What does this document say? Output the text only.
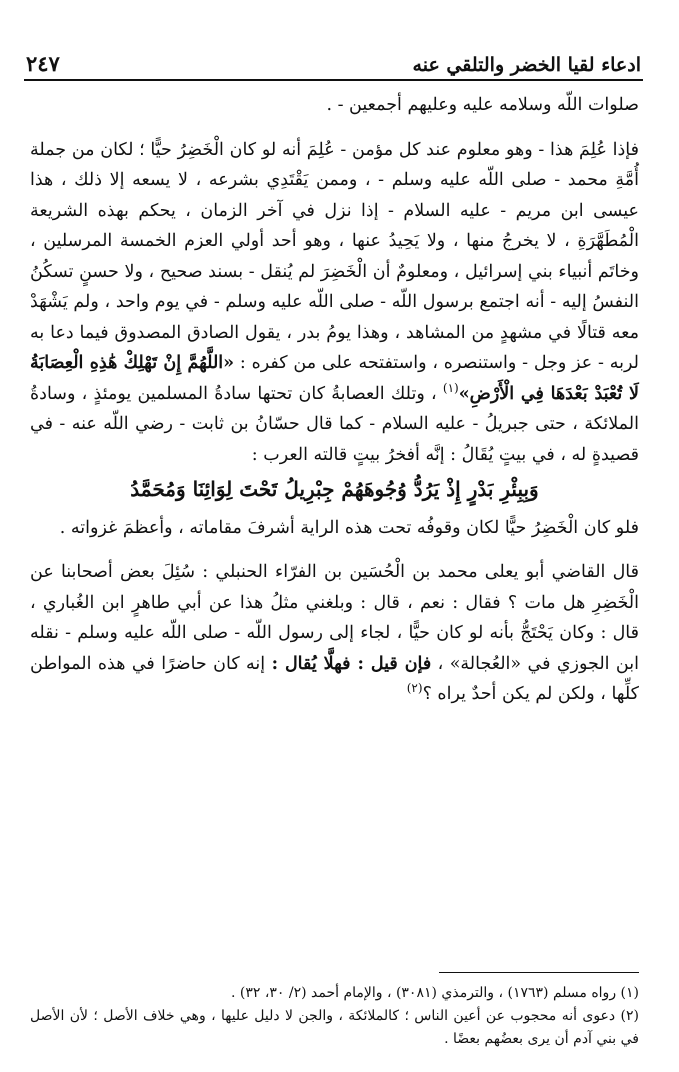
٢٤٧	ادعاء لقيا الخضر والتلقي عنه

صلوات اللّه وسلامه عليه وعليهم أجمعين - .

فإذا عُلِمَ هذا - وهو معلوم عند كل مؤمن - عُلِمَ أنه لو كان الْخَضِرُ حيًّا ؛ لكان من جملة أُمَّةِ محمد - صلى اللّه عليه وسلم - ، وممن يَقْتَدِي بشرعه ، لا يسعه إلا ذلك ، هذا عيسى ابن مريم - عليه السلام - إذا نزل في آخر الزمان ، يحكم بهذه الشريعة الْمُطَهَّرَةِ ، لا يخرجُ منها ، ولا يَحِيدُ عنها ، وهو أحد أولي العزم الخمسة المرسلين ، وخاتَم أنبياء بني إسرائيل ، ومعلومٌ أن الْخَضِرَ لم يُنقل - بسند صحيح ، ولا حسنٍ تسكُنُ النفسُ إليه - أنه اجتمع برسول اللّه - صلى اللّه عليه وسلم - في يوم واحد ، ولم يَشْهَدْ معه قتالًا في مشهدٍ من المشاهد ، وهذا يومُ بدر ، يقول الصادق المصدوق فيما دعا به لربه - عز وجل - واستنصره ، واستفتحه على من كفره : «اللَّهُمَّ إِنْ تَهْلِكْ هَٰذِهِ الْعِصَابَةُ لَا تُعْبَدْ بَعْدَهَا فِي الْأَرْضِ»$^{(١)}$ ، وتلك العصابةُ كان تحتها سادةُ المسلمين يومئذٍ ، وسادةُ الملائكة ، حتى جبريلُ - عليه السلام - كما قال حسّانُ بن ثابت - رضي اللّه عنه - في قصيدةٍ له ، في بيتٍ يُقَالُ : إنَّه أفخرُ بيتٍ قالته العرب :

وَبِبِئْرِ بَدْرٍ إِذْ يَرُدُّ وُجُوهَهُمْ جِبْرِيلُ تَحْتَ لِوَائِنَا وَمُحَمَّدُ

فلو كان الْخَضِرُ حيًّا لكان وقوفُه تحت هذه الراية أشرفَ مقاماته ، وأعظمَ غزواته .

قال القاضي أبو يعلى محمد بن الْحُسَين بن الفرّاء الحنبلي : سُئِلَ بعض أصحابنا عن الْخَضِرِ هل مات ؟ فقال : نعم ، قال : وبلغني مثلُ هذا عن أبي طاهرٍ ابن الغُباري ، قال : وكان يَحْتَجُّ بأنه لو كان حيًّا ، لجاء إلى رسول اللّه - صلى اللّه عليه وسلم - نقله ابن الجوزي في «العُجالة» ، فإن قيل : فهلَّا يُقال : إنه كان حاضرًا في هذه المواطن كلِّها ، ولكن لم يكن أحدٌ يراه ؟$^{(٢)}$

(١) رواه مسلم (١٧٦٣) ، والترمذي (٣٠٨١) ، والإمام أحمد (٢/ ٣٠، ٣٢) .

(٢) دعوى أنه محجوب عن أعين الناس ؛ كالملائكة ، والجن لا دليل عليها ، وهي خلاف الأصل ؛ لأن الأصل في بني آدم أن يرى بعضُهم بعضًا .
